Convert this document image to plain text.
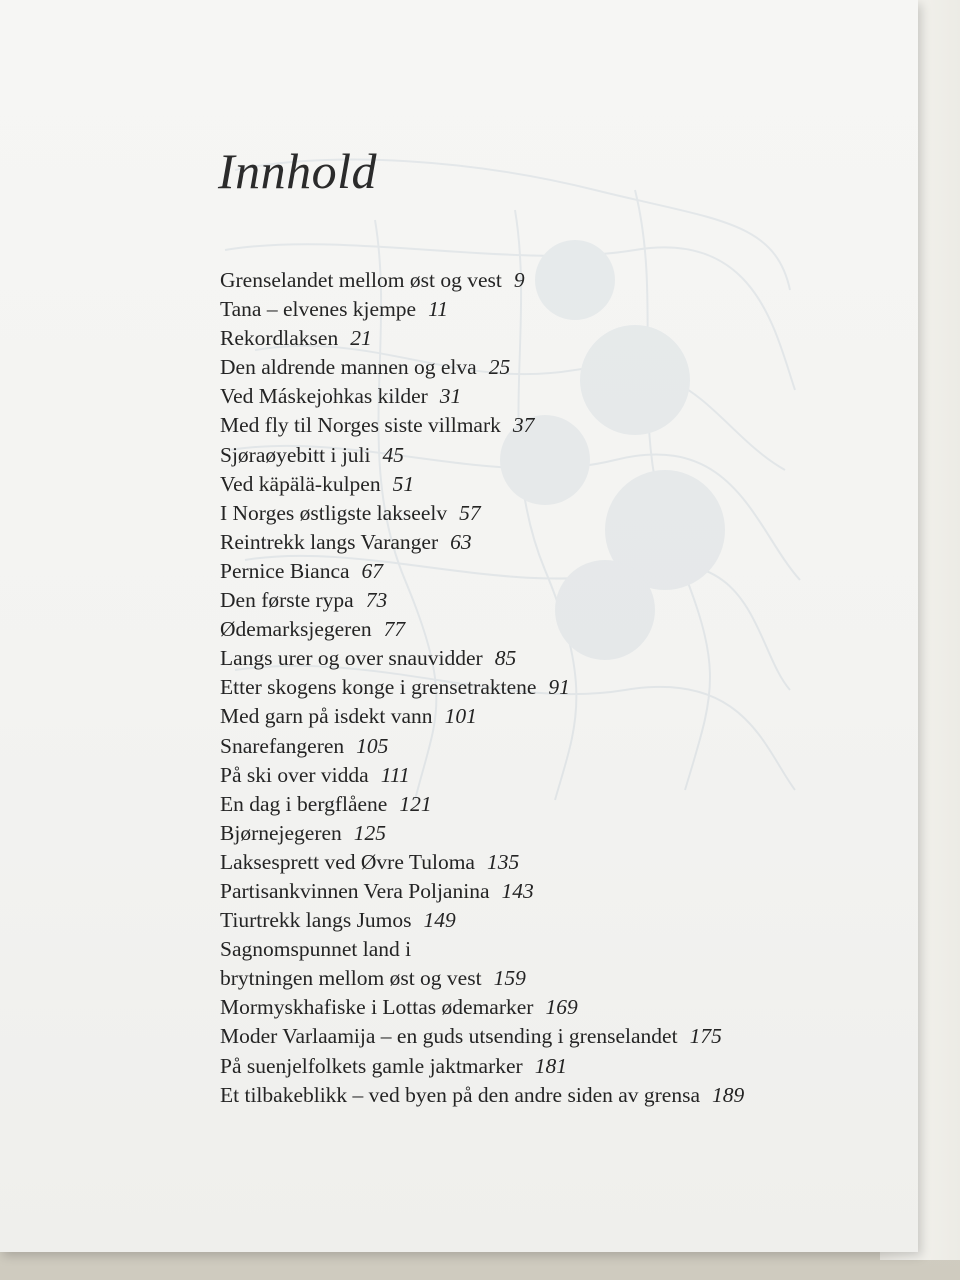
Innhold
Grenselandet mellom øst og vest 9
Tana – elvenes kjempe 11
Rekordlaksen 21
Den aldrende mannen og elva 25
Ved Máskejohkas kilder 31
Med fly til Norges siste villmark 37
Sjøraøyebitt i juli 45
Ved käpälä-kulpen 51
I Norges østligste lakseelv 57
Reintrekk langs Varanger 63
Pernice Bianca 67
Den første rypa 73
Ødemarksjegeren 77
Langs urer og over snauvidder 85
Etter skogens konge i grensetraktene 91
Med garn på isdekt vann 101
Snarefangeren 105
På ski over vidda 111
En dag i bergflåene 121
Bjørnejegeren 125
Laksesprett ved Øvre Tuloma 135
Partisankvinnen Vera Poljanina 143
Tiurtrekk langs Jumos 149
Sagnomspunnet land i
brytningen mellom øst og vest 159
Mormyskhafiske i Lottas ødemarker 169
Moder Varlaamija – en guds utsending i grenselandet 175
På suenjelfolkets gamle jaktmarker 181
Et tilbakeblikk – ved byen på den andre siden av grensa 189
